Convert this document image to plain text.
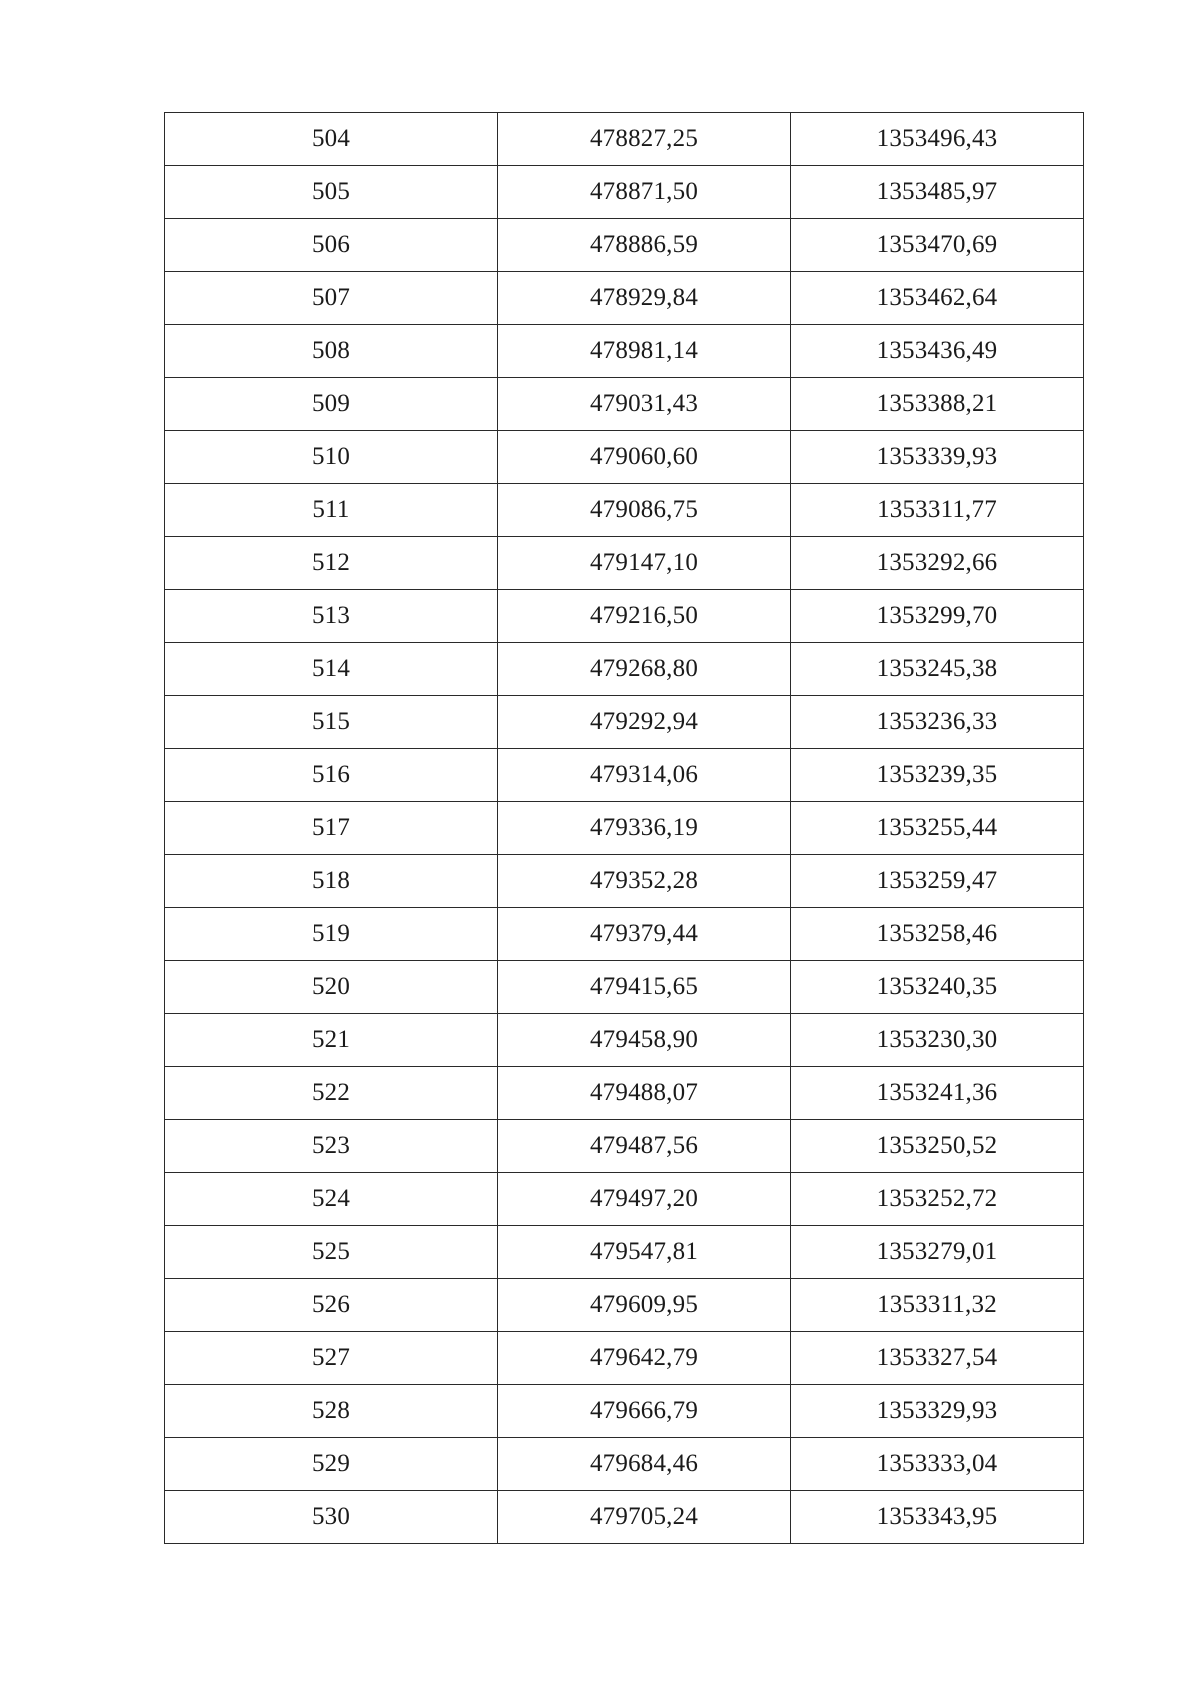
504	478827,25	1353496,43
505	478871,50	1353485,97
506	478886,59	1353470,69
507	478929,84	1353462,64
508	478981,14	1353436,49
509	479031,43	1353388,21
510	479060,60	1353339,93
511	479086,75	1353311,77
512	479147,10	1353292,66
513	479216,50	1353299,70
514	479268,80	1353245,38
515	479292,94	1353236,33
516	479314,06	1353239,35
517	479336,19	1353255,44
518	479352,28	1353259,47
519	479379,44	1353258,46
520	479415,65	1353240,35
521	479458,90	1353230,30
522	479488,07	1353241,36
523	479487,56	1353250,52
524	479497,20	1353252,72
525	479547,81	1353279,01
526	479609,95	1353311,32
527	479642,79	1353327,54
528	479666,79	1353329,93
529	479684,46	1353333,04
530	479705,24	1353343,95
